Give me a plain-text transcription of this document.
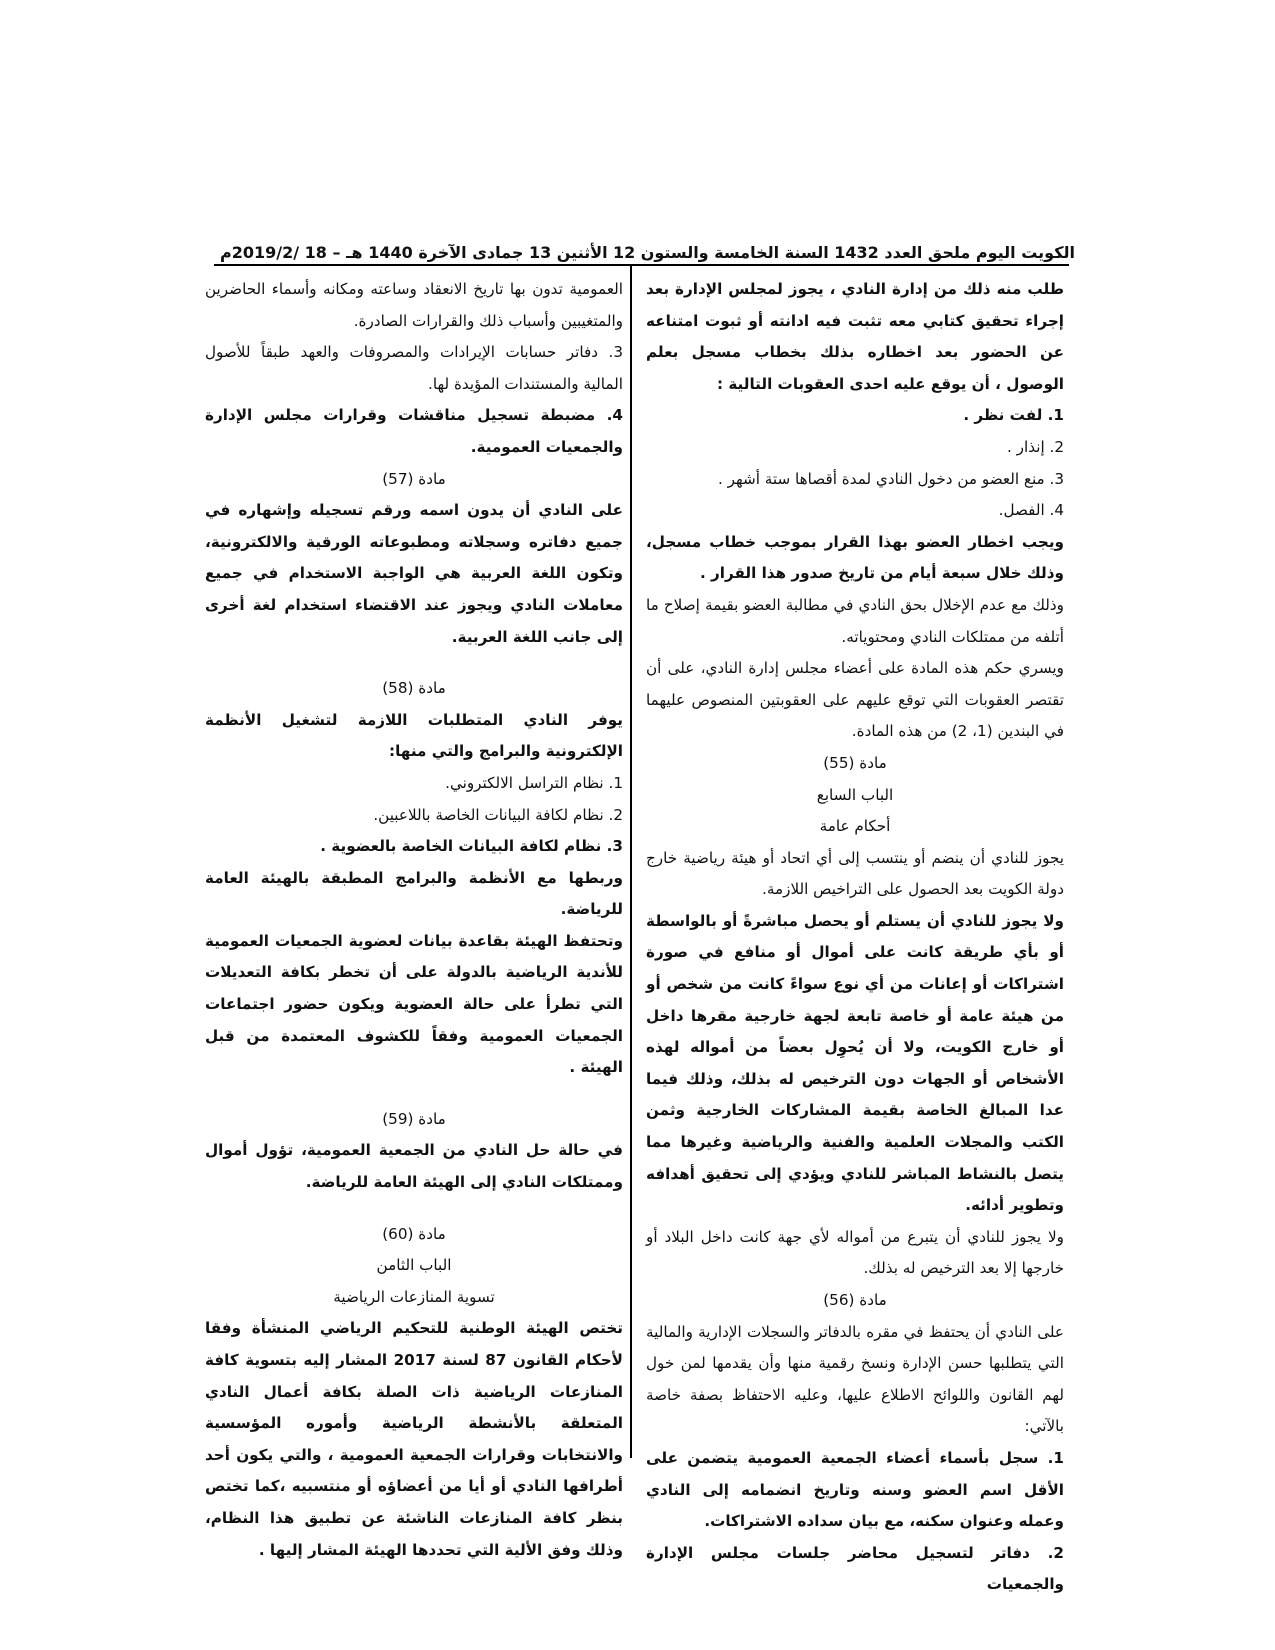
الكويت اليوم ملحق العدد 1432 السنة الخامسة والستون
12
الأثنين 13 جمادى الآخرة 1440 هـ – 18 /2019/2م

طلب منه ذلك من إدارة النادي ، يجوز لمجلس الإدارة بعد إجراء تحقيق كتابي معه تثبت فيه ادانته أو ثبوت امتناعه عن الحضور بعد اخطاره بذلك بخطاب مسجل بعلم الوصول ، أن يوقع عليه احدى العقوبات التالية :

1. لفت نظر .

2. إنذار .

3. منع العضو من دخول النادي لمدة أقصاها ستة أشهر .

4. الفصل.

ويجب اخطار العضو بهذا القرار بموجب خطاب مسجل، وذلك خلال سبعة أيام من تاريخ صدور هذا القرار .

وذلك مع عدم الإخلال بحق النادي في مطالبة العضو بقيمة إصلاح ما أتلفه من ممتلكات النادي ومحتوياته.

ويسري حكم هذه المادة على أعضاء مجلس إدارة النادي، على أن تقتصر العقوبات التي توقع عليهم على العقوبتين المنصوص عليهما في البندين (1، 2) من هذه المادة.

مادة (55)

الباب السابع

أحكام عامة

يجوز للنادي أن ينضم أو ينتسب إلى أي اتحاد أو هيئة رياضية خارج دولة الكويت بعد الحصول على التراخيص اللازمة.

ولا يجوز للنادي أن يستلم أو يحصل مباشرةً أو بالواسطة أو بأي طريقة كانت على أموال أو منافع في صورة اشتراكات أو إعانات من أي نوع سواءً كانت من شخص أو من هيئة عامة أو خاصة تابعة لجهة خارجية مقرها داخل أو خارج الكويت، ولا أن يُحوِل بعضاً من أمواله لهذه الأشخاص أو الجهات دون الترخيص له بذلك، وذلك فيما عدا المبالغ الخاصة بقيمة المشاركات الخارجية وثمن الكتب والمجلات العلمية والفنية والرياضية وغيرها مما يتصل بالنشاط المباشر للنادي ويؤدي إلى تحقيق أهدافه وتطوير أدائه.

ولا يجوز للنادي أن يتبرع من أمواله لأي جهة كانت داخل البلاد أو خارجها إلا بعد الترخيص له بذلك.

مادة (56)

على النادي أن يحتفظ في مقره بالدفاتر والسجلات الإدارية والمالية التي يتطلبها حسن الإدارة ونسخ رقمية منها وأن يقدمها لمن خول لهم القانون واللوائح الاطلاع عليها، وعليه الاحتفاظ بصفة خاصة بالآتي:

1. سجل بأسماء أعضاء الجمعية العمومية يتضمن على الأقل اسم العضو وسنه وتاريخ انضمامه إلى النادي وعمله وعنوان سكنه، مع بيان سداده الاشتراكات.

2. دفاتر لتسجيل محاضر جلسات مجلس الإدارة والجمعيات

العمومية تدون بها تاريخ الانعقاد وساعته ومكانه وأسماء الحاضرين والمتغيبين وأسباب ذلك والقرارات الصادرة.

3. دفاتر حسابات الإيرادات والمصروفات والعهد طبقاً للأصول المالية والمستندات المؤيدة لها.

4. مضبطة تسجيل مناقشات وقرارات مجلس الإدارة والجمعيات العمومية.

مادة (57)

على النادي أن يدون اسمه ورقم تسجيله وإشهاره في جميع دفاتره وسجلاته ومطبوعاته الورقية والالكترونية، وتكون اللغة العربية هي الواجبة الاستخدام في جميع معاملات النادي ويجوز عند الاقتضاء استخدام لغة أخرى إلى جانب اللغة العربية.

مادة (58)

يوفر النادي المتطلبات اللازمة لتشغيل الأنظمة الإلكترونية والبرامج والتي منها:

1. نظام التراسل الالكتروني.

2. نظام لكافة البيانات الخاصة باللاعبين.

3. نظام لكافة البيانات الخاصة بالعضوية .

وربطها مع الأنظمة والبرامج المطبقة بالهيئة العامة للرياضة.

وتحتفظ الهيئة بقاعدة بيانات لعضوية الجمعيات العمومية للأندية الرياضية بالدولة على أن تخطر بكافة التعديلات التي تطرأ على حالة العضوية ويكون حضور اجتماعات الجمعيات العمومية وفقاً للكشوف المعتمدة من قبل الهيئة .

مادة (59)

في حالة حل النادي من الجمعية العمومية، تؤول أموال وممتلكات النادي إلى الهيئة العامة للرياضة.

مادة (60)

الباب الثامن

تسوية المنازعات الرياضية

تختص الهيئة الوطنية للتحكيم الرياضي المنشأة وفقا لأحكام القانون 87 لسنة 2017 المشار إليه بتسوية كافة المنازعات الرياضية ذات الصلة بكافة أعمال النادي المتعلقة بالأنشطة الرياضية وأموره المؤسسية والانتخابات وقرارات الجمعية العمومية ، والتي يكون أحد أطرافها النادي أو أيا من أعضاؤه أو منتسبيه ،كما تختص بنظر كافة المنازعات الناشئة عن تطبيق هذا النظام، وذلك وفق الألية التي تحددها الهيئة المشار إليها .
